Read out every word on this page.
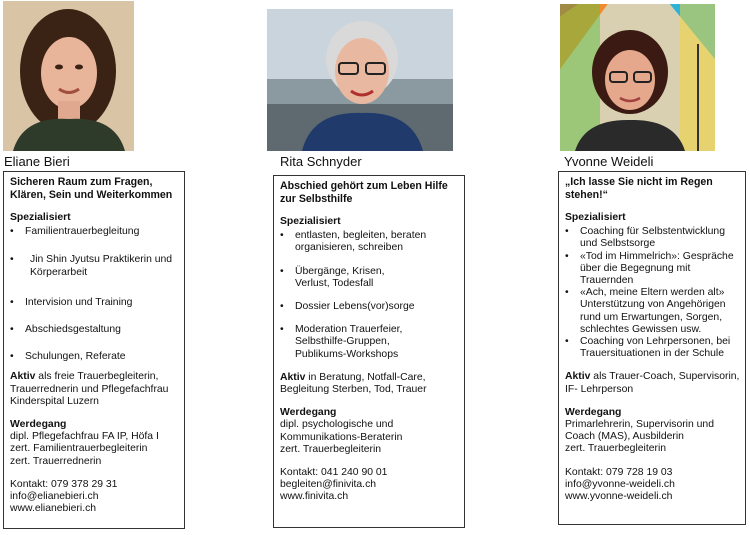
Eliane Bieri	Rita Schnyder	Yvonne Weideli
Sicheren Raum zum Fragen, Klären, Sein und Weiterkommen
Spezialisiert
• Familientrauerbegleitung
• Jin Shin Jyutsu Praktikerin und Körperarbeit
• Intervision und Training
• Abschiedsgestaltung
• Schulungen, Referate
Aktiv als freie Trauerbegleiterin, Trauerrednerin und Pflegefachfrau Kinderspital Luzern
Werdegang
dipl. Pflegefachfrau FA IP, Höfa I
zert. Familientrauerbegleiterin
zert. Trauerrednerin
Kontakt: 079 378 29 31
info@elianebieri.ch
www.elianebieri.ch
Abschied gehört zum Leben Hilfe zur Selbsthilfe
Spezialisiert
• entlasten, begleiten, beraten organisieren, schreiben
• Übergänge, Krisen, Verlust, Todesfall
• Dossier Lebens(vor)sorge
• Moderation Trauerfeier, Selbsthilfe-Gruppen, Publikums-Workshops
Aktiv in Beratung, Notfall-Care, Begleitung Sterben, Tod, Trauer
Werdegang
dipl. psychologische und
Kommunikations-Beraterin
zert. Trauerbegleiterin
Kontakt: 041 240 90 01
begleiten@finivita.ch
www.finivita.ch
„Ich lasse Sie nicht im Regen stehen!“
Spezialisiert
• Coaching für Selbstentwicklung und Selbstsorge
• «Tod im Himmelrich»: Gespräche über die Begegnung mit Trauernden
• «Ach, meine Eltern werden alt» Unterstützung von Angehörigen rund um Erwartungen, Sorgen, schlechtes Gewissen usw.
• Coaching von Lehrpersonen, bei Trauersituationen in der Schule
Aktiv als Trauer-Coach, Supervisorin, IF- Lehrperson
Werdegang
Primarlehrerin, Supervisorin und
Coach (MAS), Ausbilderin
zert. Trauerbegleiterin
Kontakt: 079 728 19 03
info@yvonne-weideli.ch
www.yvonne-weideli.ch
